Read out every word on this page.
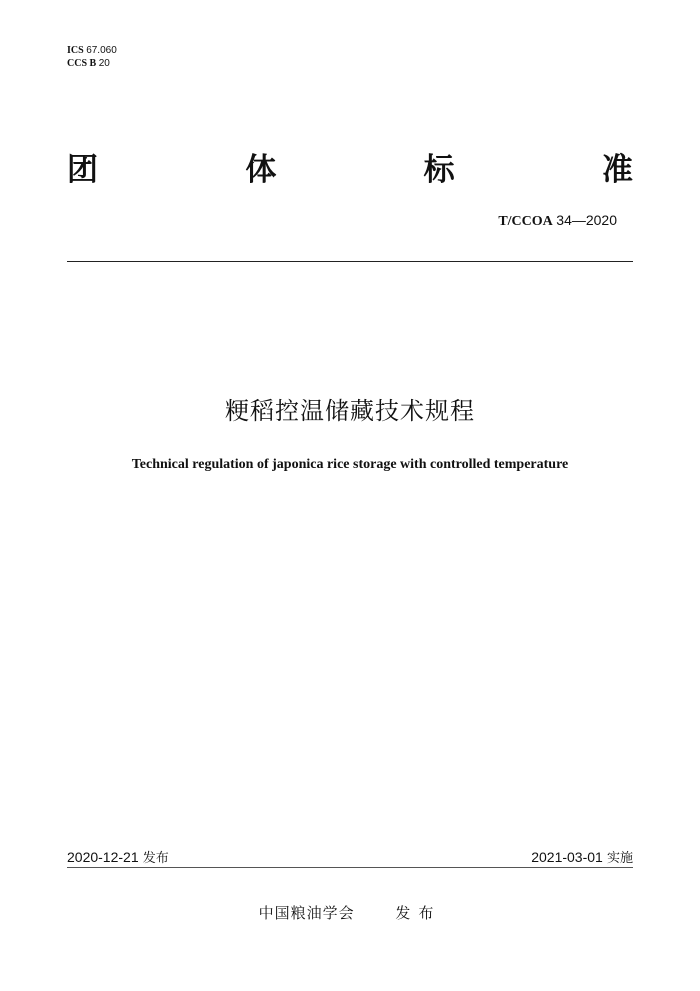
ICS 67.060
CCS B 20
团	体	标	准
T/CCOA 34—2020
粳稻控温储藏技术规程
Technical regulation of japonica rice storage with controlled temperature
2020-12-21 发布	2021-03-01 实施
中国粮油学会	发布
